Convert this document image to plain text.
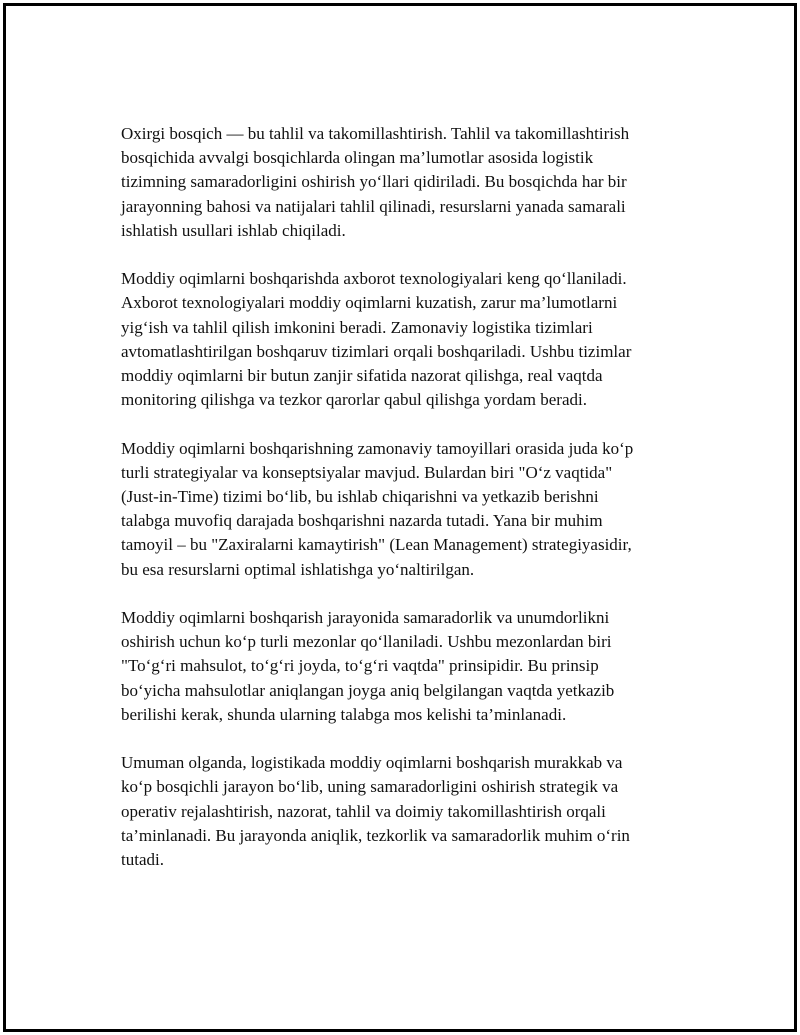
Oxirgi bosqich — bu tahlil va takomillashtirish. Tahlil va takomillashtirish
bosqichida avvalgi bosqichlarda olingan ma’lumotlar asosida logistik
tizimning samaradorligini oshirish yo‘llari qidiriladi. Bu bosqichda har bir
jarayonning bahosi va natijalari tahlil qilinadi, resurslarni yanada samarali
ishlatish usullari ishlab chiqiladi.

Moddiy oqimlarni boshqarishda axborot texnologiyalari keng qo‘llaniladi.
Axborot texnologiyalari moddiy oqimlarni kuzatish, zarur ma’lumotlarni
yig‘ish va tahlil qilish imkonini beradi. Zamonaviy logistika tizimlari
avtomatlashtirilgan boshqaruv tizimlari orqali boshqariladi. Ushbu tizimlar
moddiy oqimlarni bir butun zanjir sifatida nazorat qilishga, real vaqtda
monitoring qilishga va tezkor qarorlar qabul qilishga yordam beradi.

Moddiy oqimlarni boshqarishning zamonaviy tamoyillari orasida juda ko‘p
turli strategiyalar va konseptsiyalar mavjud. Bulardan biri "O‘z vaqtida"
(Just-in-Time) tizimi bo‘lib, bu ishlab chiqarishni va yetkazib berishni
talabga muvofiq darajada boshqarishni nazarda tutadi. Yana bir muhim
tamoyil – bu "Zaxiralarni kamaytirish" (Lean Management) strategiyasidir,
bu esa resurslarni optimal ishlatishga yo‘naltirilgan.

Moddiy oqimlarni boshqarish jarayonida samaradorlik va unumdorlikni
oshirish uchun ko‘p turli mezonlar qo‘llaniladi. Ushbu mezonlardan biri
"To‘g‘ri mahsulot, to‘g‘ri joyda, to‘g‘ri vaqtda" prinsipidir. Bu prinsip
bo‘yicha mahsulotlar aniqlangan joyga aniq belgilangan vaqtda yetkazib
berilishi kerak, shunda ularning talabga mos kelishi ta’minlanadi.

Umuman olganda, logistikada moddiy oqimlarni boshqarish murakkab va
ko‘p bosqichli jarayon bo‘lib, uning samaradorligini oshirish strategik va
operativ rejalashtirish, nazorat, tahlil va doimiy takomillashtirish orqali
ta’minlanadi. Bu jarayonda aniqlik, tezkorlik va samaradorlik muhim o‘rin
tutadi.
